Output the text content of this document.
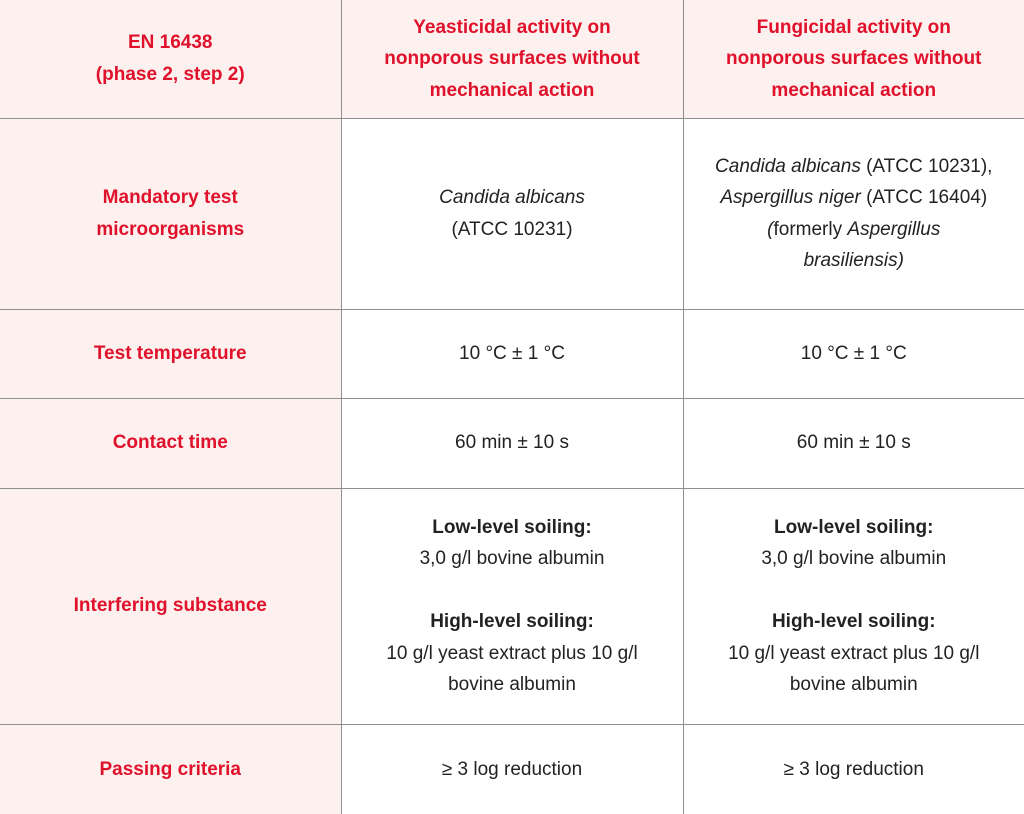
EN 16438
(phase 2, step 2)	Yeasticidal activity on
nonporous surfaces without
mechanical action	Fungicidal activity on
nonporous surfaces without
mechanical action

Mandatory test
microorganisms	Candida albicans
(ATCC 10231)	Candida albicans (ATCC 10231),
Aspergillus niger (ATCC 16404)
(formerly Aspergillus
brasiliensis)

Test temperature	10 °C ± 1 °C	10 °C ± 1 °C
Contact time	60 min ± 10 s	60 min ± 10 s
Interfering substance	Low-level soiling:
3,0 g/l bovine albumin
High-level soiling:
10 g/l yeast extract plus 10 g/l
bovine albumin	Low-level soiling:
3,0 g/l bovine albumin
High-level soiling:
10 g/l yeast extract plus 10 g/l
bovine albumin

Passing criteria	≥ 3 log reduction	≥ 3 log reduction
